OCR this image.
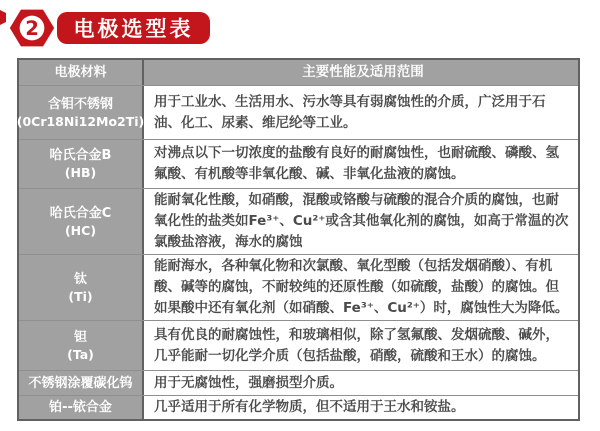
2 电极选型表
电极材料	主要性能及适用范围
含钼不锈钢
(0Cr18Ni12Mo2Ti)
用于工业水、生活用水、污水等具有弱腐蚀性的介质，广泛用于石油、化工、尿素、维尼纶等工业。
哈氏合金B
(HB)
对沸点以下一切浓度的盐酸有良好的耐腐蚀性，也耐硫酸、磷酸、氢氟酸、有机酸等非氧化酸、碱、非氧化盐液的腐蚀。
哈氏合金C
(HC)
能耐氧化性酸，如硝酸，混酸或铬酸与硫酸的混合介质的腐蚀，也耐氧化性的盐类如Fe³⁺、Cu²⁺或含其他氧化剂的腐蚀，如高于常温的次氯酸盐溶液，海水的腐蚀
钛
(Ti)
能耐海水，各种氧化物和次氯酸、氧化型酸（包括发烟硝酸）、有机酸、碱等的腐蚀，不耐较纯的还原性酸（如硫酸，盐酸）的腐蚀。但如果酸中还有氧化剂（如硝酸、Fe³⁺、Cu²⁺）时，腐蚀性大为降低。
钽
(Ta)
具有优良的耐腐蚀性，和玻璃相似，除了氢氟酸、发烟硫酸、碱外，几乎能耐一切化学介质（包括盐酸，硝酸，硫酸和王水）的腐蚀。
不锈钢涂覆碳化钨 用于无腐蚀性，强磨损型介质。
铂--铱合金	几乎适用于所有化学物质，但不适用于王水和铵盐。
